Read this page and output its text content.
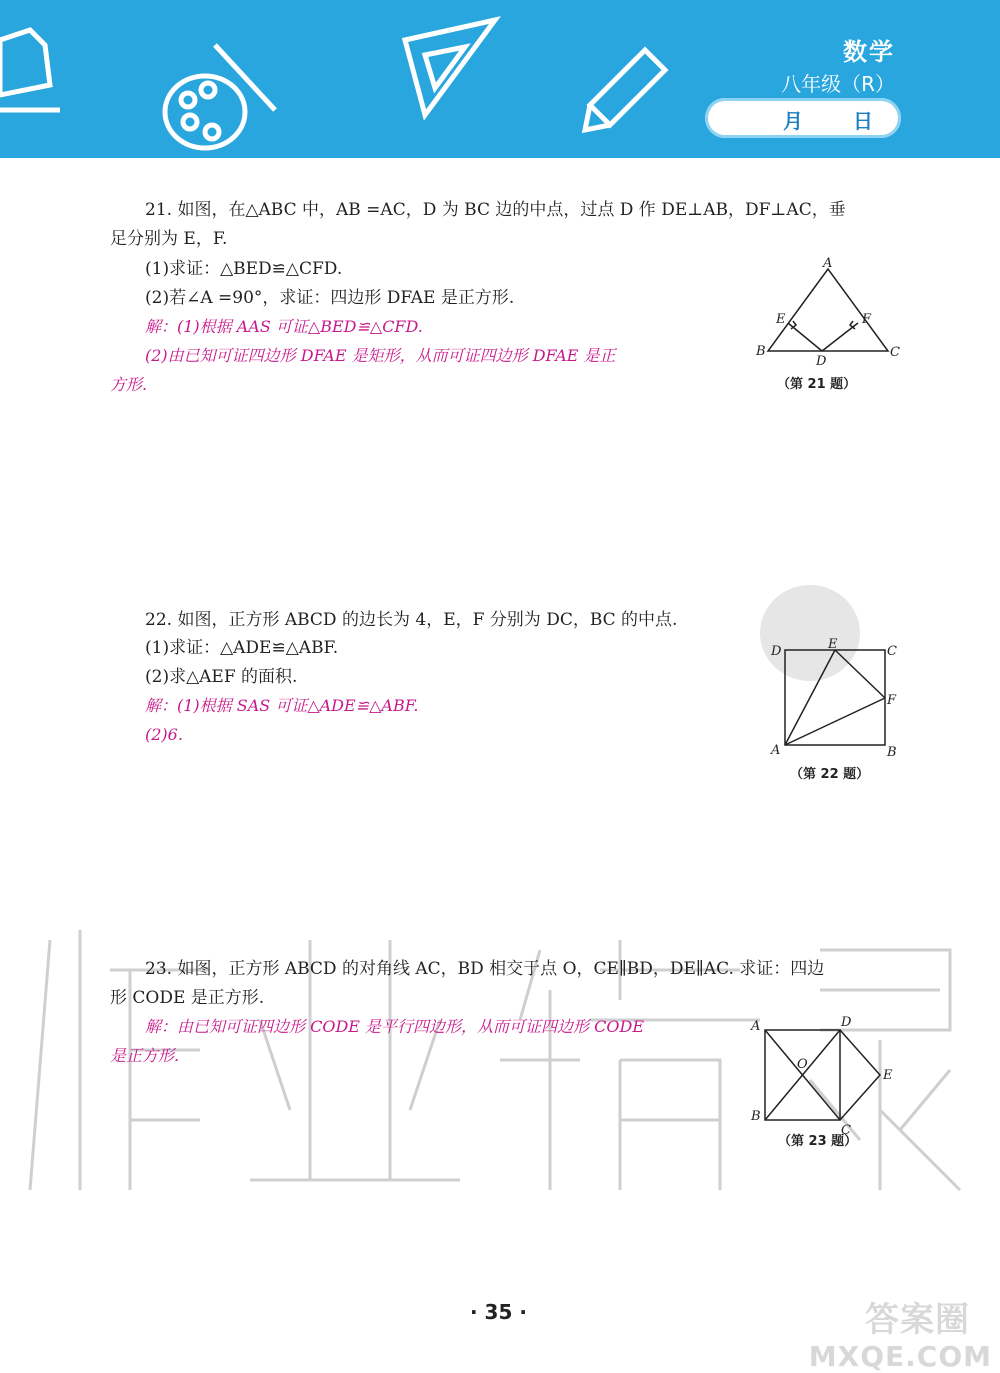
数学
八年级（R）
月	日
21. 如图，在△ABC 中，AB =AC，D 为 BC 边的中点，过点 D 作 DE⊥AB，DF⊥AC，垂
足分别为 E，F.
(1)求证：△BED≌△CFD.
(2)若∠A =90°，求证：四边形 DFAE 是正方形.
解：(1)根据 AAS 可证△BED≌△CFD.
(2)由已知可证四边形 DFAE 是矩形，从而可证四边形 DFAE 是正
方形.
A
B	C
D
E	F
（第 21 题）
22. 如图，正方形 ABCD 的边长为 4，E，F 分别为 DC，BC 的中点.
(1)求证：△ADE≌△ABF.
(2)求△AEF 的面积.
解：(1)根据 SAS 可证△ADE≌△ABF.
(2)6.
D	C
E
F
A	B
（第 22 题）
23. 如图，正方形 ABCD 的对角线 AC，BD 相交于点 O，CE∥BD，DE∥AC. 求证：四边
形 CODE 是正方形.
解：由已知可证四边形 CODE 是平行四边形，从而可证四边形 CODE
是正方形.
A	D
O
E
B
C
（第 23 题）
· 35 ·	答案圈
MXQE.COM
